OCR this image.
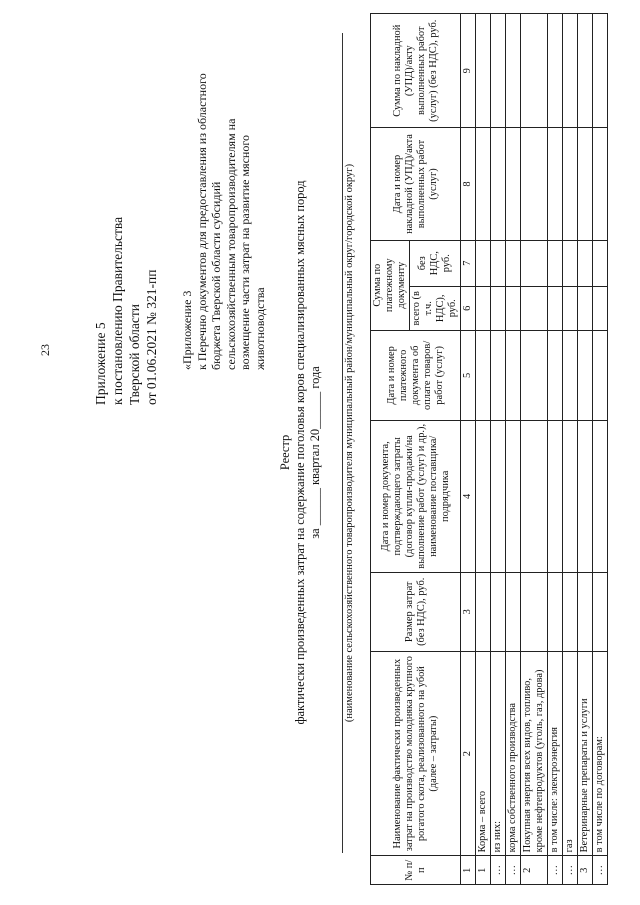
23	Приложение 5 к постановлению Правительства Тверской области от 01.06.2021 № 321-пп «Приложение 3 к Перечню документов для предоставления из областного бюджета Тверской области субсидий сельскохозяйственным товаропроизводителям на возмещение части затрат на развитие мясного животноводства
Реестр фактически произведенных затрат на содержание поголовья коров специализированных мясных пород за ______ квартал 20______ года (наименование сельскохозяйственного товаропроизводителя муниципальный район/муниципальный округ/городской округ)
№ п/п	Наименование фактически произведенных затрат на производство молодняка крупного рогатого скота, реализованного на убой (далее – затраты)	Размер затрат (без НДС), руб.	Дата и номер документа, подтверждающего затраты (договор купли-продажи/на выполнение работ (услуг) и др.), наименование поставщика/подрядчика	Дата и номер платежного документа об оплате товаров/работ (услуг)	Сумма по платежному документу		Дата и номер накладной (УПД)/акта выполненных работ (услуг)	Сумма по накладной (УПД)/акту выполненных работ (услуг) (без НДС), руб.
					всего (в т.ч. НДС), руб.	без НДС, руб.		
1	2	3	4	5	6	7	8	9
1	Корма – всего							
…	из них:							
…	корма собственного производства							
2	Покупная энергия всех видов, топливо, кроме нефтепродуктов (уголь, газ, дрова)							
…	в том числе: электроэнергия							
…	газ							
3	Ветеринарные препараты и услуги							
…	в том числе по договорам:							
